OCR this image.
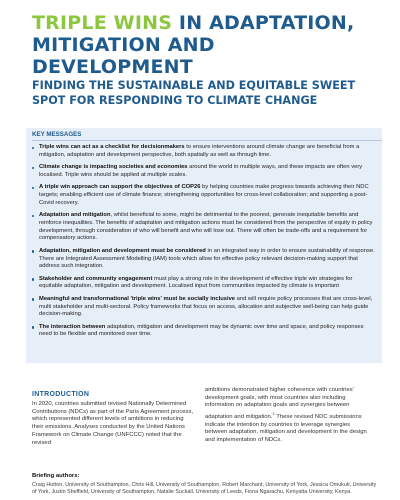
TRIPLE WINS IN ADAPTATION, MITIGATION AND DEVELOPMENT
FINDING THE SUSTAINABLE AND EQUITABLE SWEET SPOT FOR RESPONDING TO CLIMATE CHANGE
KEY MESSAGES
Triple wins can act as a checklist for decisionmakers to ensure interventions around climate change are beneficial from a mitigation, adaptation and development perspective, both spatially as well as through time.
Climate change is impacting societies and economies around the world in multiple ways, and these impacts are often very localised. Triple wins should be applied at multiple scales.
A triple win approach can support the objectives of COP26 by helping countries make progress towards achieving their NDC targets; enabling efficient use of climate finance; strengthening opportunities for cross-level collaboration; and supporting a post-Covid recovery.
Adaptation and mitigation, whilst beneficial to some, might be detrimental to the poorest, generate inequitable benefits and reinforce inequalities. The benefits of adaptation and mitigation actions must be considered from the perspective of equity in policy development, through consideration of who will benefit and who will lose out. There will often be trade-offs and a requirement for compensatory actions.
Adaptation, mitigation and development must be considered in an integrated way in order to ensure sustainability of response. There are Integrated Assessment Modelling (IAM) tools which allow for effective policy relevant decision-making support that address such integration.
Stakeholder and community engagement must play a strong role in the development of effective triple win strategies for equitable adaptation, mitigation and development. Localised input from communities impacted by climate is important
Meaningful and transformational 'triple wins' must be socially inclusive and will require policy processes that are cross-level, multi stakeholder and multi-sectoral. Policy frameworks that focus on access, allocation and subjective well-being can help guide decision-making.
The interaction between adaptation, mitigation and development may be dynamic over time and space, and policy responses need to be flexible and monitored over time.
INTRODUCTION
In 2020, countries submitted revised Nationally Determined Contributions (NDCs) as part of the Paris Agreement process, which represented different levels of ambitions in reducing their emissions. Analyses conducted by the United Nations Framework on Climate Change (UNFCCC) noted that the revised
ambitions demonstrated higher coherence with countries' development goals, with most countries also including information on adaptation goals and synergies between adaptation and mitigation.$^1$ These revised NDC submissions indicate the intention by countries to leverage synergies between adaptation, mitigation and development in the design and implementation of NDCs.
Briefing authors:
Craig Hutton, University of Southampton, Chris Hill, University of Southampton, Robert Marchant, University of York, Jessica Omukuti, University of York, Justin Sheffield, University of Southampton, Natalie Suckall, University of Leeds, Fiona Ngarachu, Kenyatta University, Kenya.
